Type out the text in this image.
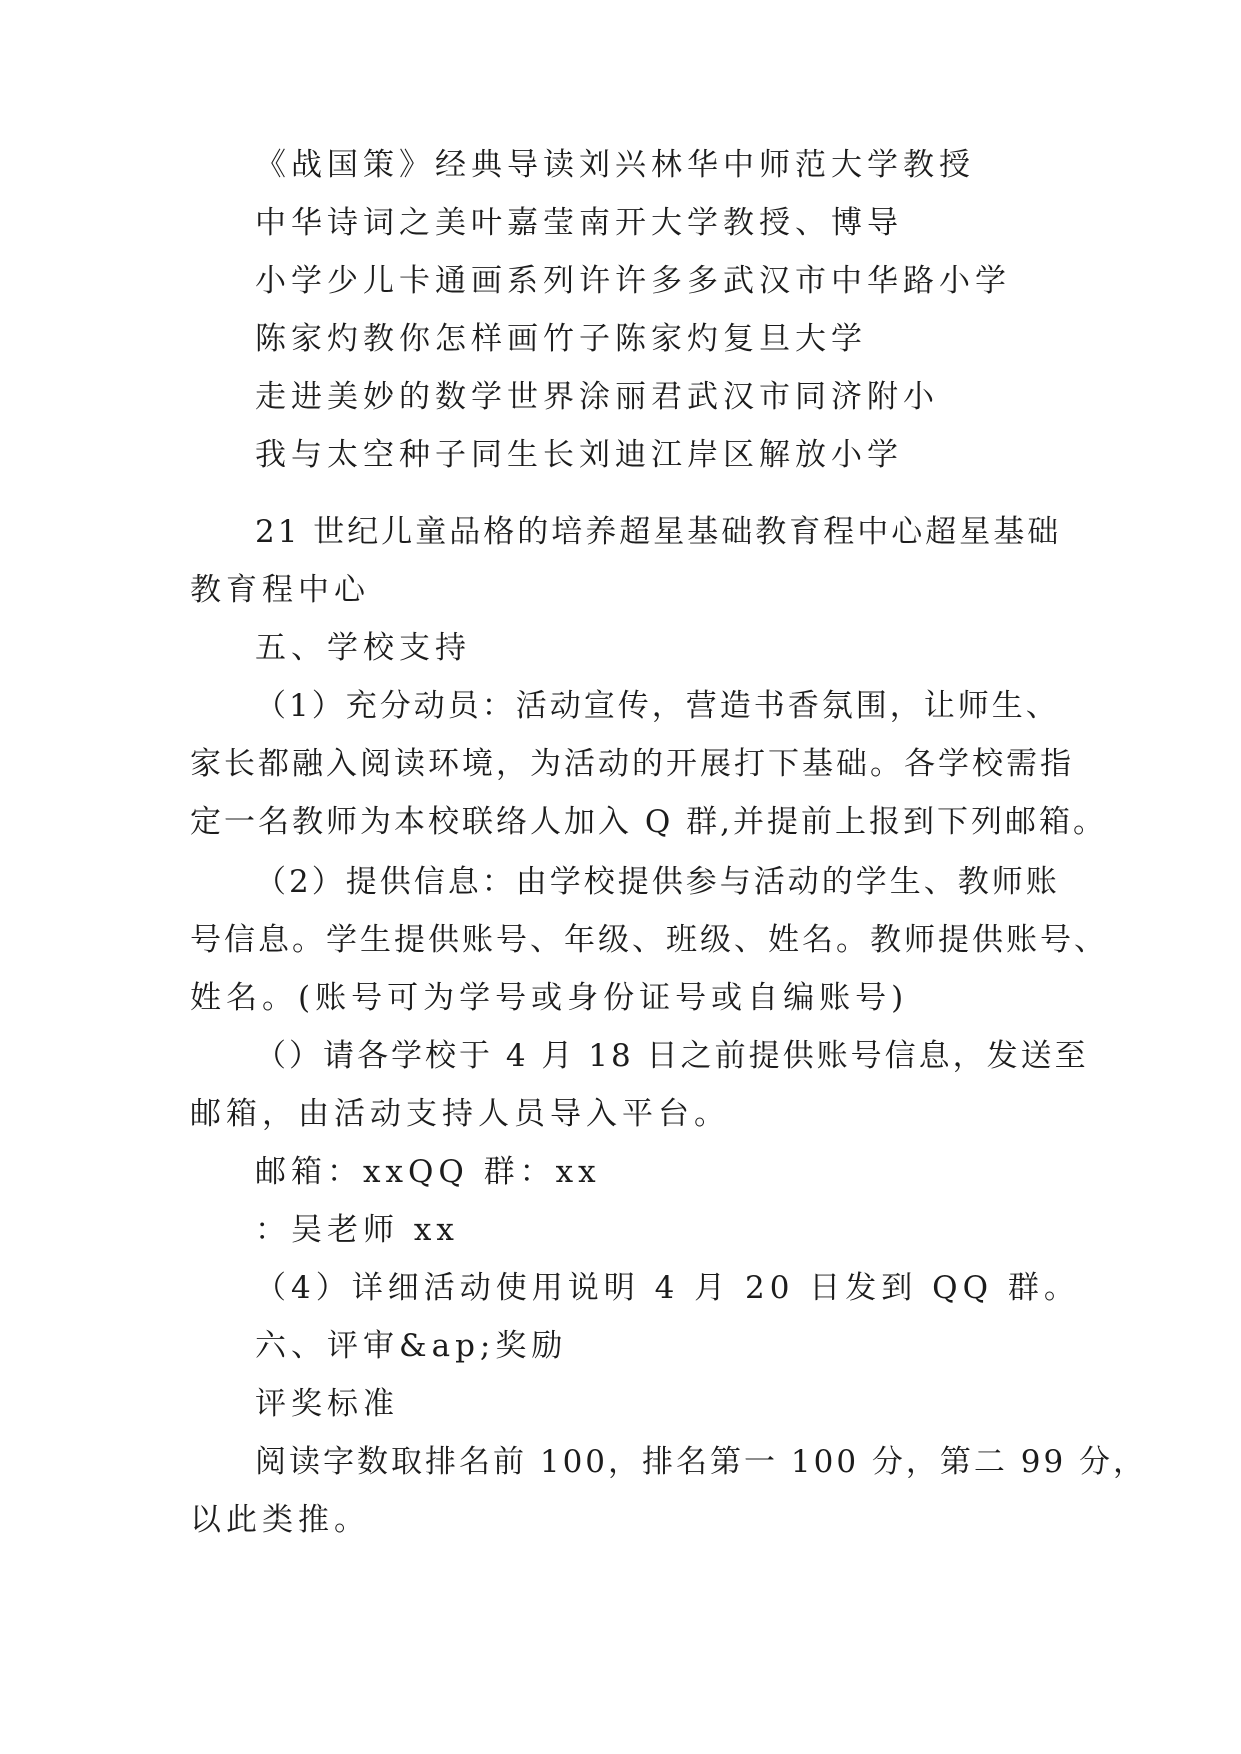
《战国策》经典导读刘兴林华中师范大学教授
中华诗词之美叶嘉莹南开大学教授、博导
小学少儿卡通画系列许许多多武汉市中华路小学
陈家灼教你怎样画竹子陈家灼复旦大学
走进美妙的数学世界涂丽君武汉市同济附小
我与太空种子同生长刘迪江岸区解放小学
21 世纪儿童品格的培养超星基础教育程中心超星基础
教育程中心
五、学校支持
（1）充分动员：活动宣传，营造书香氛围，让师生、
家长都融入阅读环境，为活动的开展打下基础。各学校需指
定一名教师为本校联络人加入 Q 群,并提前上报到下列邮箱。
（2）提供信息：由学校提供参与活动的学生、教师账
号信息。学生提供账号、年级、班级、姓名。教师提供账号、
姓名。(账号可为学号或身份证号或自编账号)
（）请各学校于 4 月 18 日之前提供账号信息，发送至
邮箱，由活动支持人员导入平台。
邮箱：xxQQ 群：xx
：吴老师 xx
（4）详细活动使用说明 4 月 20 日发到 QQ 群。
六、评审&ap;奖励
评奖标准
阅读字数取排名前 100，排名第一 100 分，第二 99 分，
以此类推。
